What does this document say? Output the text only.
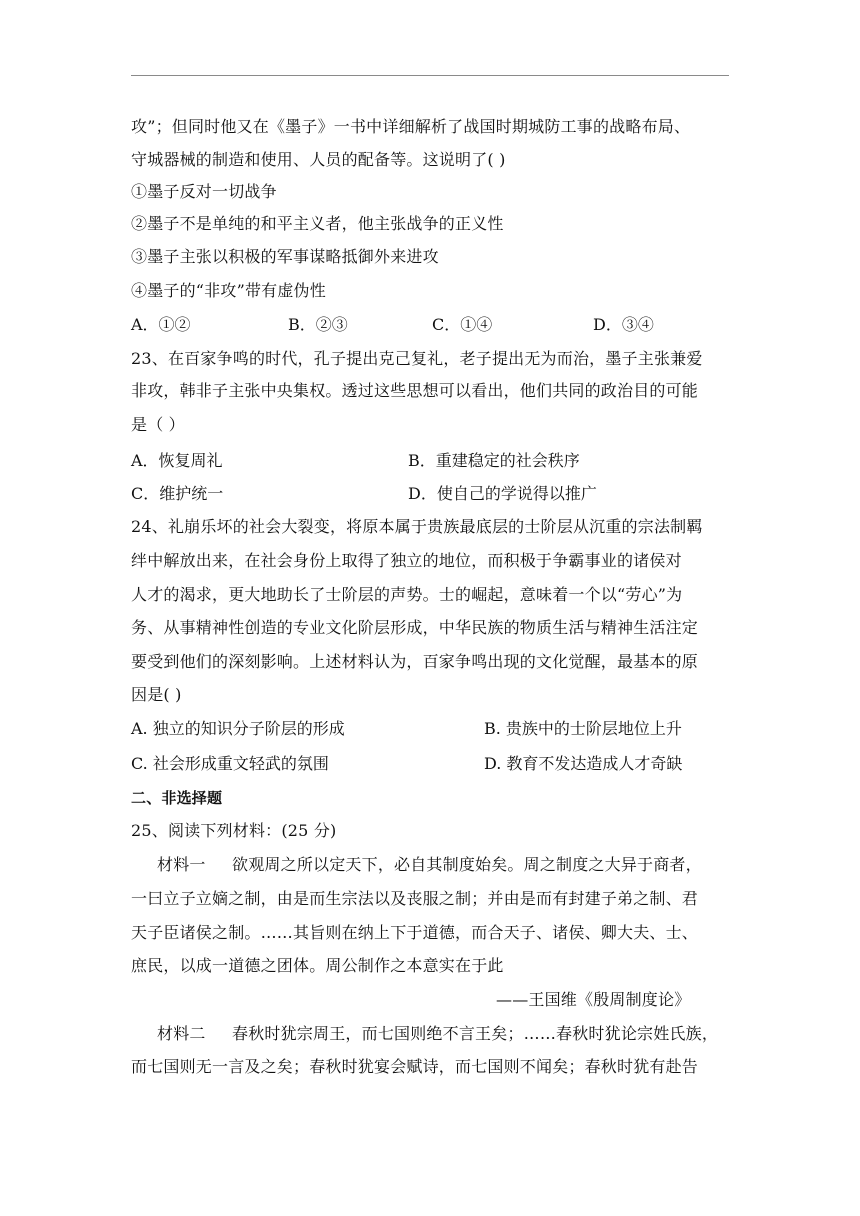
攻”；但同时他又在《墨子》一书中详细解析了战国时期城防工事的战略布局、
守城器械的制造和使用、人员的配备等。这说明了( )
①墨子反对一切战争
②墨子不是单纯的和平主义者，他主张战争的正义性
③墨子主张以积极的军事谋略抵御外来进攻
④墨子的“非攻”带有虚伪性
A．①②	B．②③	C．①④	D．③④
23、在百家争鸣的时代，孔子提出克己复礼，老子提出无为而治，墨子主张兼爱
非攻，韩非子主张中央集权。透过这些思想可以看出，他们共同的政治目的可能
是（ ）
A．恢复周礼	B．重建稳定的社会秩序
C．维护统一	D．使自己的学说得以推广
24、礼崩乐坏的社会大裂变，将原本属于贵族最底层的士阶层从沉重的宗法制羁
绊中解放出来，在社会身份上取得了独立的地位，而积极于争霸事业的诸侯对
人才的渴求，更大地助长了士阶层的声势。士的崛起，意味着一个以“劳心”为
务、从事精神性创造的专业文化阶层形成，中华民族的物质生活与精神生活注定
要受到他们的深刻影响。上述材料认为，百家争鸣出现的文化觉醒，最基本的原
因是( )
A. 独立的知识分子阶层的形成	B. 贵族中的士阶层地位上升
C. 社会形成重文轻武的氛围	D. 教育不发达造成人才奇缺
二、非选择题
25、阅读下列材料：(25 分)
材料一     欲观周之所以定天下，必自其制度始矣。周之制度之大异于商者，
一曰立子立嫡之制，由是而生宗法以及丧服之制；并由是而有封建子弟之制、君
天子臣诸侯之制。……其旨则在纳上下于道德，而合天子、诸侯、卿大夫、士、
庶民，以成一道德之团体。周公制作之本意实在于此
——王国维《殷周制度论》
材料二     春秋时犹宗周王，而七国则绝不言王矣；……春秋时犹论宗姓氏族，
而七国则无一言及之矣；春秋时犹宴会赋诗，而七国则不闻矣；春秋时犹有赴告
